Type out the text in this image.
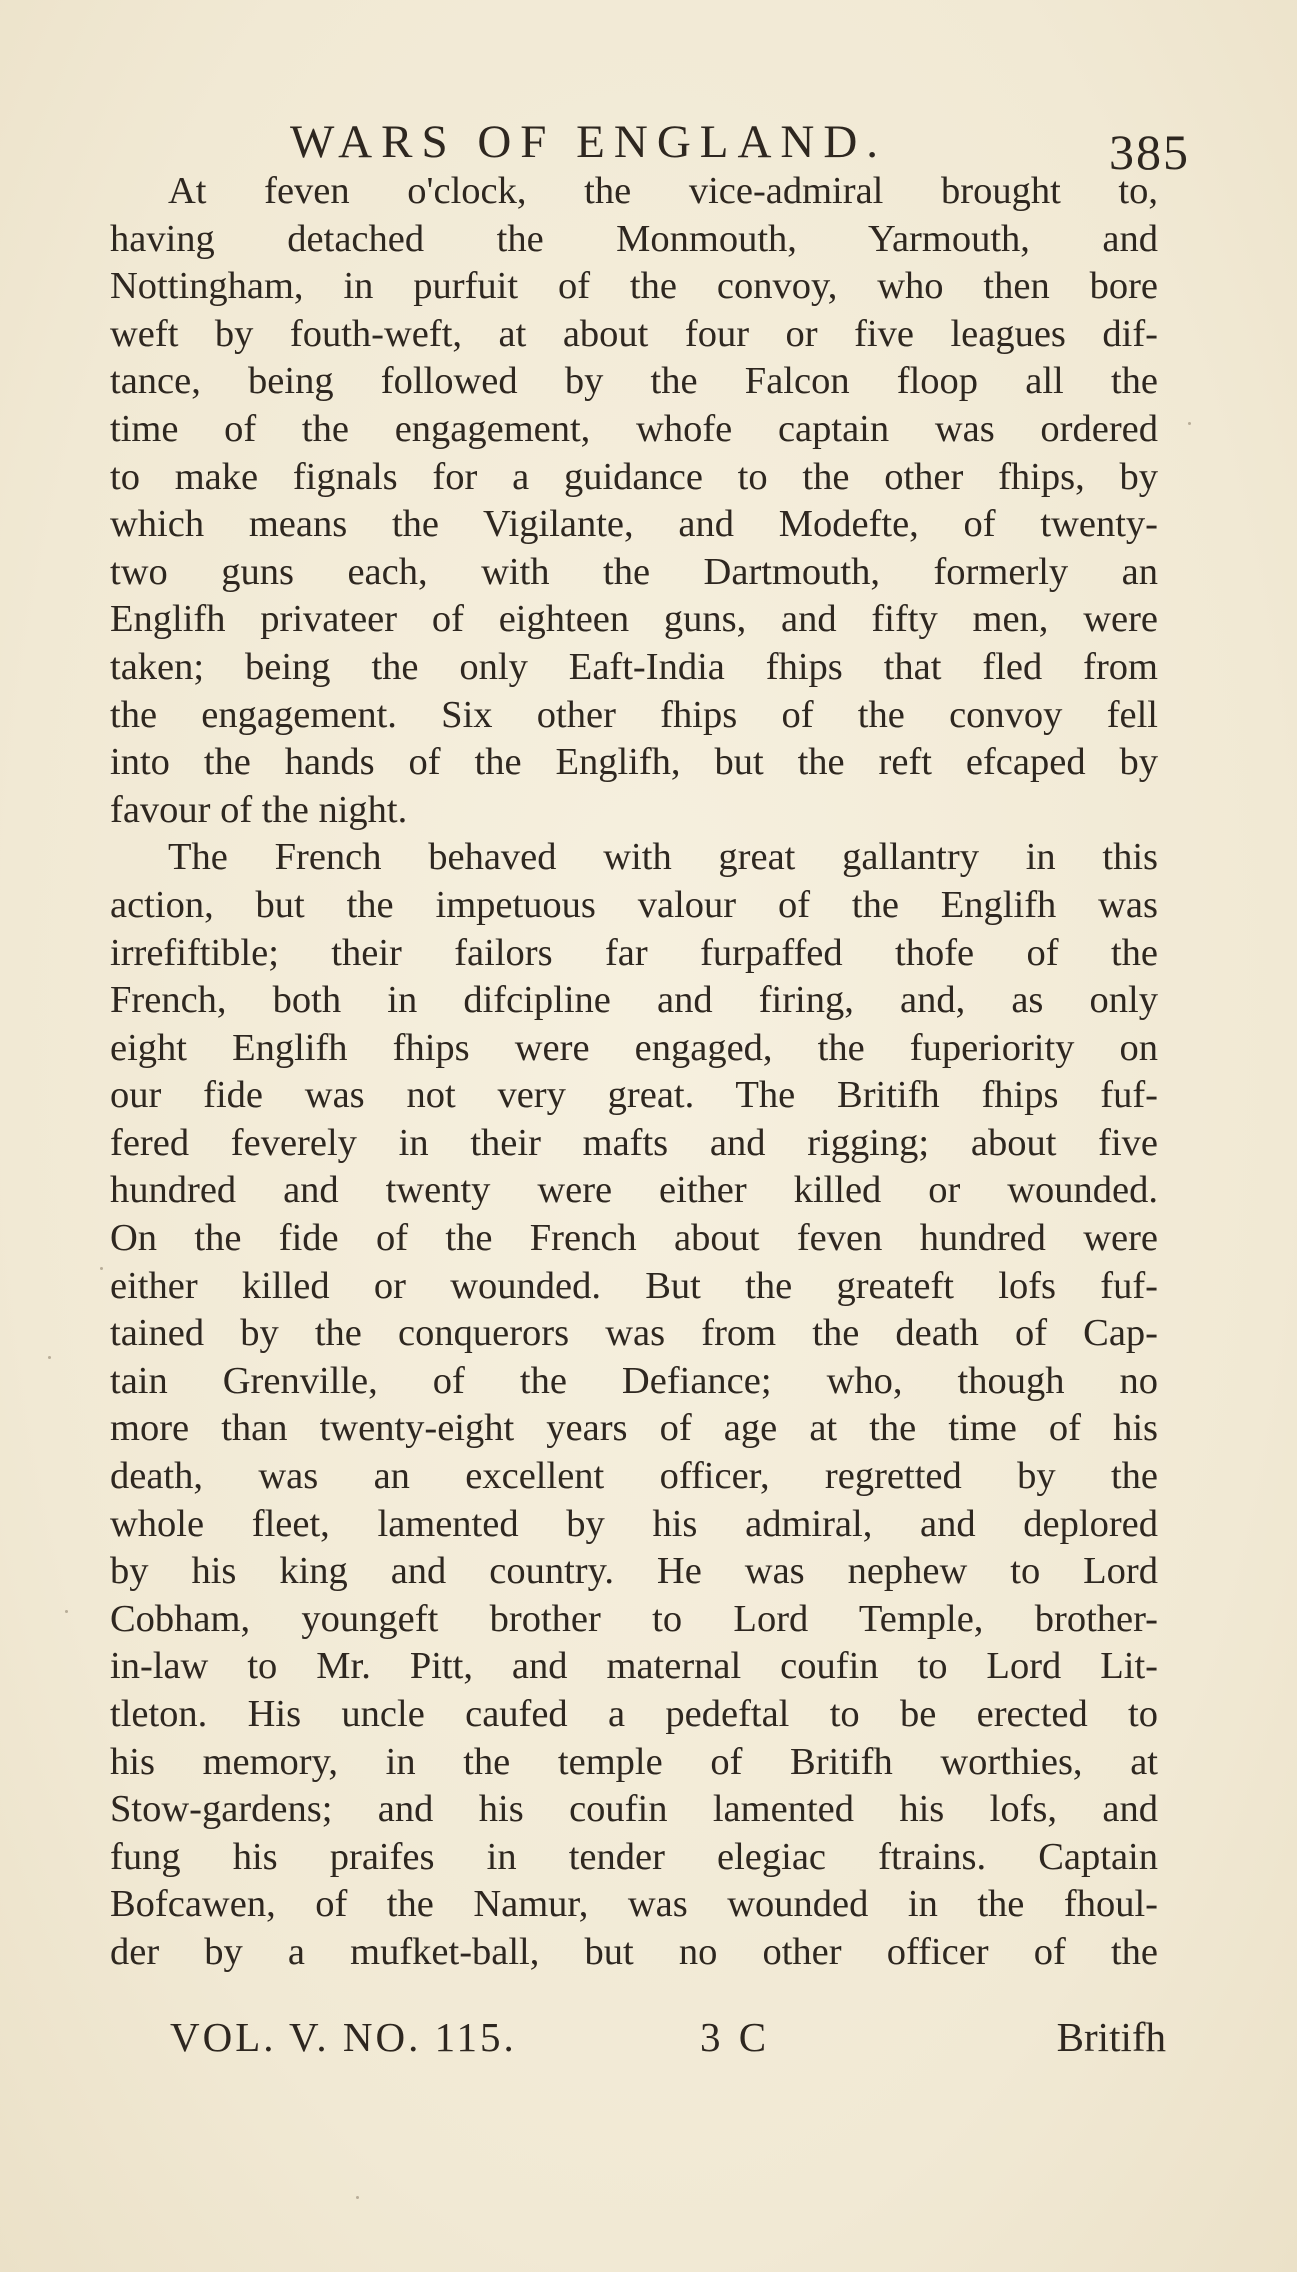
WARS OF ENGLAND.	385
At feven o'clock, the vice-admiral brought to,
having detached the Monmouth, Yarmouth, and
Nottingham, in purfuit of the convoy, who then bore
weft by fouth-weft, at about four or five leagues dif-
tance, being followed by the Falcon floop all the
time of the engagement, whofe captain was ordered
to make fignals for a guidance to the other fhips, by
which means the Vigilante, and Modefte, of twenty-
two guns each, with the Dartmouth, formerly an
Englifh privateer of eighteen guns, and fifty men, were
taken; being the only Eaft-India fhips that fled from
the engagement. Six other fhips of the convoy fell
into the hands of the Englifh, but the reft efcaped by
favour of the night.
The French behaved with great gallantry in this
action, but the impetuous valour of the Englifh was
irrefiftible; their failors far furpaffed thofe of the
French, both in difcipline and firing, and, as only
eight Englifh fhips were engaged, the fuperiority on
our fide was not very great. The Britifh fhips fuf-
fered feverely in their mafts and rigging; about five
hundred and twenty were either killed or wounded.
On the fide of the French about feven hundred were
either killed or wounded. But the greateft lofs fuf-
tained by the conquerors was from the death of Cap-
tain Grenville, of the Defiance; who, though no
more than twenty-eight years of age at the time of his
death, was an excellent officer, regretted by the
whole fleet, lamented by his admiral, and deplored
by his king and country. He was nephew to Lord
Cobham, youngeft brother to Lord Temple, brother-
in-law to Mr. Pitt, and maternal coufin to Lord Lit-
tleton. His uncle caufed a pedeftal to be erected to
his memory, in the temple of Britifh worthies, at
Stow-gardens; and his coufin lamented his lofs, and
fung his praifes in tender elegiac ftrains. Captain
Bofcawen, of the Namur, was wounded in the fhoul-
der by a mufket-ball, but no other officer of the
VOL. V. NO. 115.	3 C	Britifh
